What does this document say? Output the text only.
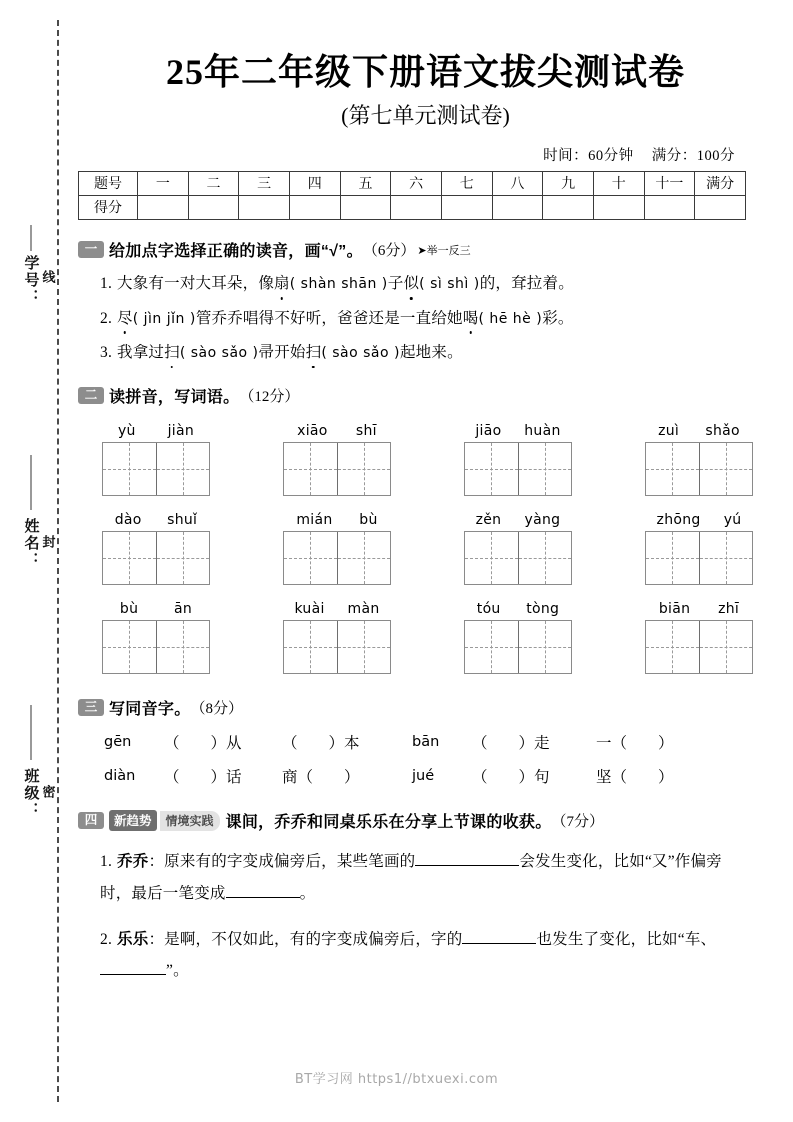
学号： 线
姓名： 封
班级： 密
25年二年级下册语文拔尖测试卷
(第七单元测试卷)
时间：60分钟 满分：100分
题号	一	二	三	四	五	六	七	八	九	十	十一	满分
得分												
一 给加点字选择正确的读音，画“√”。 （6分） ➤举一反三
1. 大象有一对大耳朵，像扇( shàn shān )子似( sì shì )的，耷拉着。
2. 尽( jìn jǐn )管乔乔唱得不好听，爸爸还是一直给她喝( hē hè )彩。
3. 我拿过扫( sào sǎo )帚开始扫( sào sǎo )起地来。
二 读拼音，写词语。 （12分）
yù jiàn	xiāo shī	jiāo huàn	zuì shǎo
dào shuǐ	mián bù	zěn yàng	zhōng yú
bù	ān	kuài màn	tóu tòng	biān zhī
三 写同音字。 （8分）
gēn	（　　）从	（　　）本	bān	（　　）走	一（　　）
diàn	（　　）话	商（　　）	jué	（　　）句	坚（　　）
四	新趋势	情境实践 课间，乔乔和同桌乐乐在分享上节课的收获。 （7分）
1. 乔乔：原来有的字变成偏旁后，某些笔画的	会发生变化，比如“又”作偏旁时，最后一笔变成	。
2. 乐乐：是啊，不仅如此，有的字变成偏旁后，字的	也发生了变化，比如“车、”。
BT学习网 https1//btxuexi.com
